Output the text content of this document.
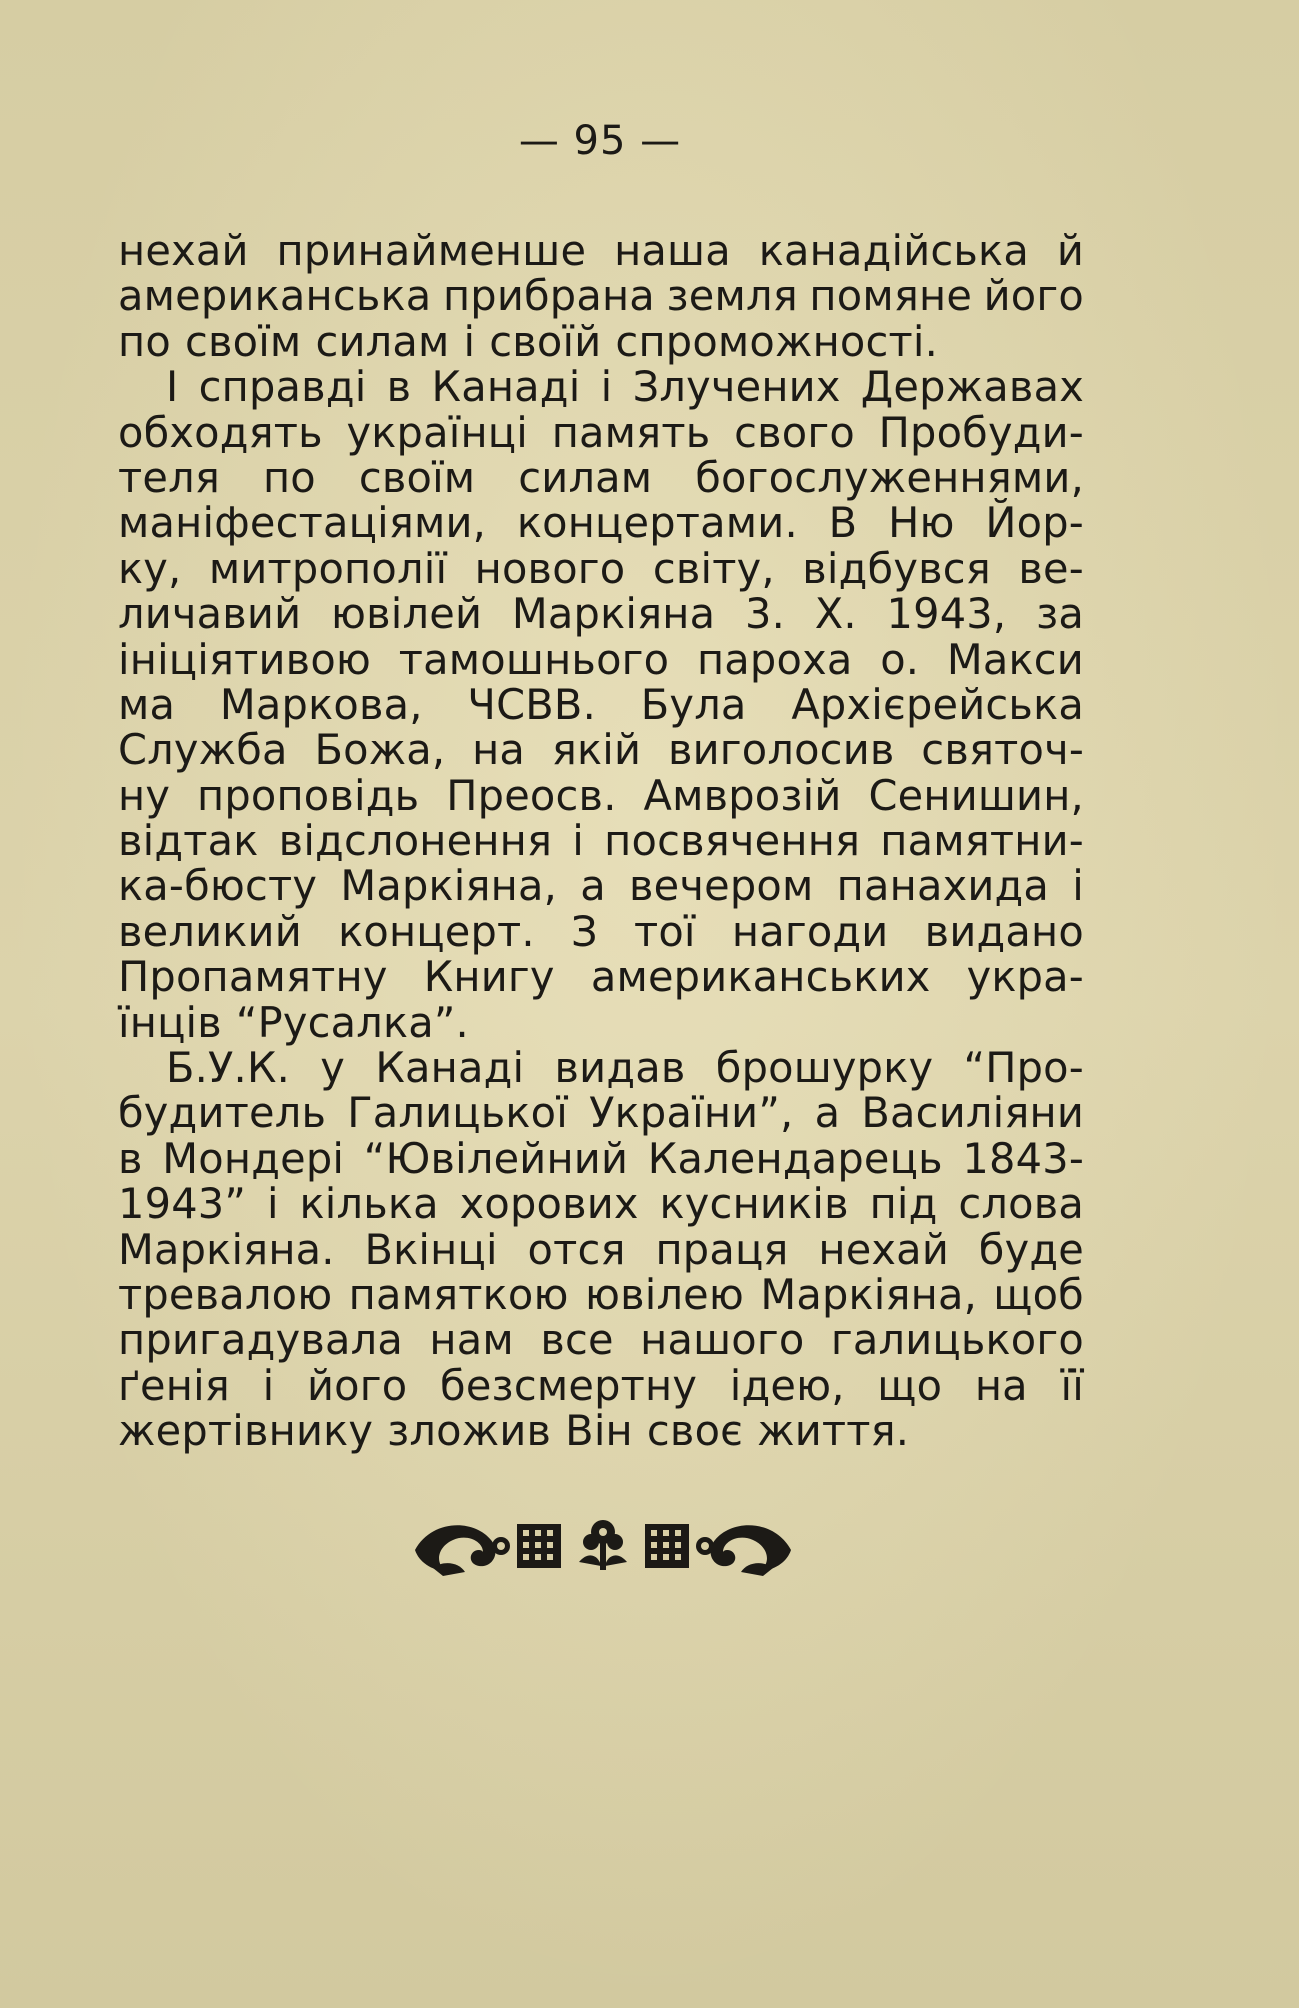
— 95 —
нехай принайменше наша канадійська й
американська прибрана земля помяне його
по своїм силам і своїй спроможності.
І справді в Канаді і Злучених Державах
обходять українці память свого Пробуди-
теля по своїм силам богослуженнями,
маніфестаціями, концертами. В Ню Йор-
ку, митрополії нового світу, відбувся ве-
личавий ювілей Маркіяна 3. X. 1943, за
ініціятивою тамошнього пароха о. Макси
ма Маркова, ЧСВВ. Була Архієрейська
Служба Божа, на якій виголосив святоч-
ну проповідь Преосв. Амврозій Сенишин,
відтак відслонення і посвячення памятни-
ка-бюсту Маркіяна, а вечером панахида і
великий концерт. З тої нагоди видано
Пропамятну Книгу американських укра-
їнців “Русалка”.
Б.У.К. у Канаді видав брошурку “Про-
будитель Галицької України”, а Василіяни
в Мондері “Ювілейний Календарець 1843-
1943” і кілька хорових кусників під слова
Маркіяна. Вкінці отся праця нехай буде
тревалою памяткою ювілею Маркіяна, щоб
пригадувала нам все нашого галицького
ґенія і його безсмертну ідею, що на її
жертівнику зложив Він своє життя.
